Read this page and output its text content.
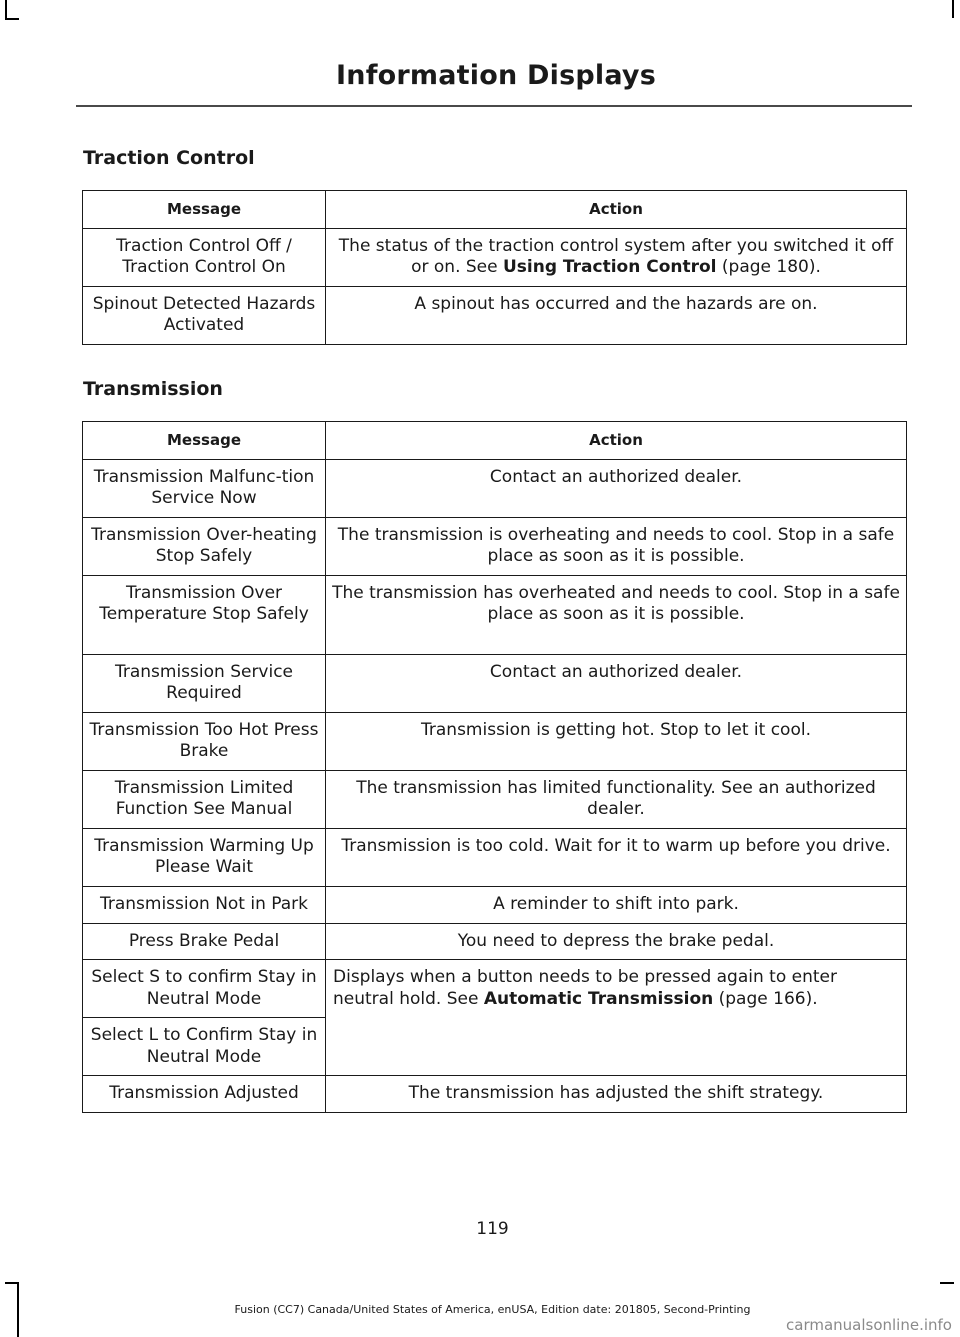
Information Displays
Traction Control
Message	Action
Traction Control Off / Traction Control On	The status of the traction control system after you switched it off or on. See Using Traction Control (page 180).
Spinout Detected Hazards Activated	A spinout has occurred and the hazards are on.
Transmission
Message	Action
Transmission Malfunc-tion Service Now	Contact an authorized dealer.
Transmission Over-heating Stop Safely	The transmission is overheating and needs to cool. Stop in a safe place as soon as it is possible.
Transmission Over Temperature Stop Safely	The transmission has overheated and needs to cool. Stop in a safe place as soon as it is possible.
Transmission Service Required	Contact an authorized dealer.
Transmission Too Hot Press Brake	Transmission is getting hot. Stop to let it cool.
Transmission Limited Function See Manual	The transmission has limited functionality. See an authorized dealer.
Transmission Warming Up Please Wait	Transmission is too cold. Wait for it to warm up before you drive.
Transmission Not in Park	A reminder to shift into park.
Press Brake Pedal	You need to depress the brake pedal.
Select S to confirm Stay in Neutral Mode	Displays when a button needs to be pressed again to enter neutral hold. See Automatic Transmission (page 166).
Select L to Confirm Stay in Neutral Mode	
Transmission Adjusted	The transmission has adjusted the shift strategy.
119
Fusion (CC7) Canada/United States of America, enUSA, Edition date: 201805, Second-Printing
carmanualsonline.info
